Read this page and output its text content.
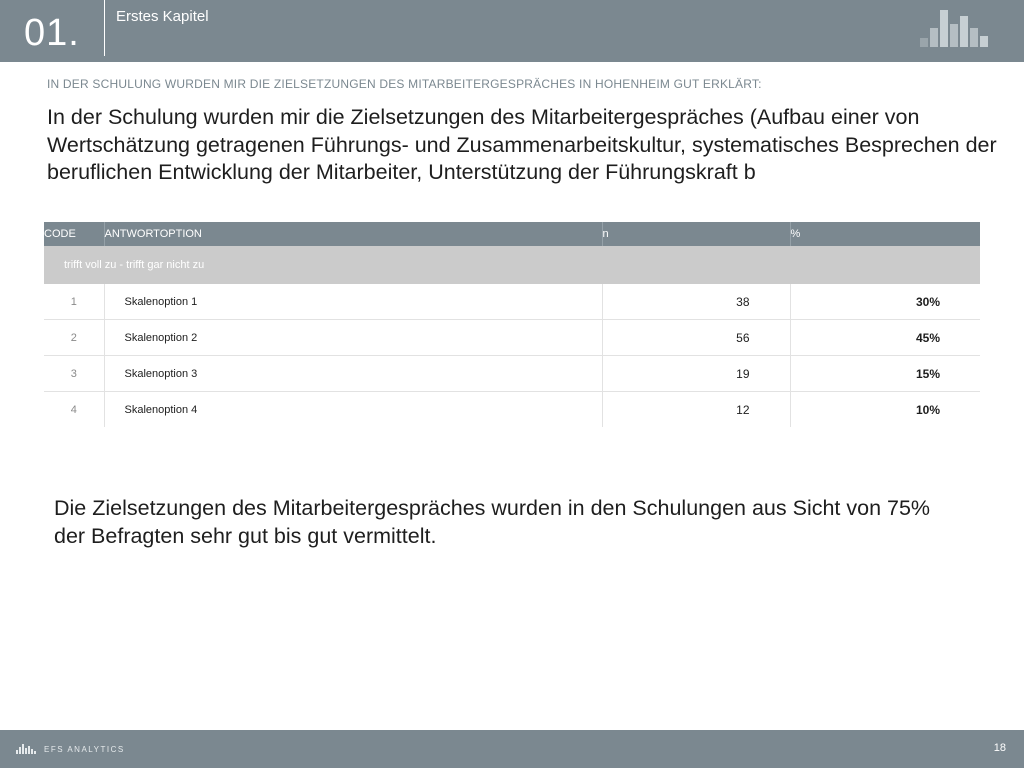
01. Erstes Kapitel
IN DER SCHULUNG WURDEN MIR DIE ZIELSETZUNGEN DES MITARBEITERGESPRÄCHES IN HOHENHEIM GUT ERKLÄRT:
In der Schulung wurden mir die Zielsetzungen des Mitarbeitergespräches (Aufbau einer von Wertschätzung getragenen Führungs- und Zusammenarbeitskultur, systematisches Besprechen der beruflichen Entwicklung der Mitarbeiter, Unterstützung der Führungskraft b
CODE	ANTWORTOPTION	n	%
trifft voll zu - trifft gar nicht zu			
1	Skalenoption 1	38	30%
2	Skalenoption 2	56	45%
3	Skalenoption 3	19	15%
4	Skalenoption 4	12	10%
Die Zielsetzungen des Mitarbeitergespräches wurden in den Schulungen aus Sicht von 75% der Befragten sehr gut bis gut vermittelt.
EFS ANALYTICS	18
